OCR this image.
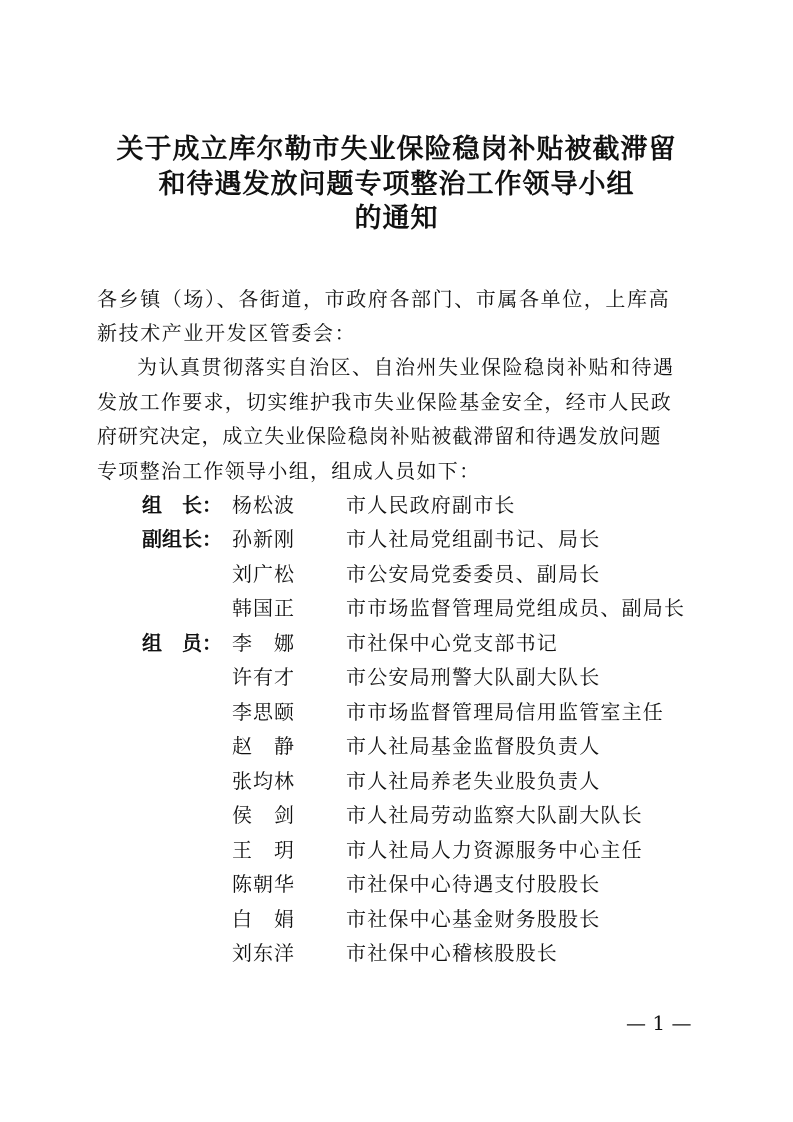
关于成立库尔勒市失业保险稳岗补贴被截滞留
和待遇发放问题专项整治工作领导小组
的通知
各乡镇（场）、各街道，市政府各部门、市属各单位，上库高
新技术产业开发区管委会：
为认真贯彻落实自治区、自治州失业保险稳岗补贴和待遇
发放工作要求，切实维护我市失业保险基金安全，经市人民政
府研究决定，成立失业保险稳岗补贴被截滞留和待遇发放问题
专项整治工作领导小组，组成人员如下：
组　长： 杨松波	市人民政府副市长
副组长： 孙新刚	市人社局党组副书记、局长
刘广松	市公安局党委委员、副局长
韩国正	市市场监督管理局党组成员、副局长
组　员： 李　娜	市社保中心党支部书记
许有才	市公安局刑警大队副大队长
李思颐	市市场监督管理局信用监管室主任
赵　静	市人社局基金监督股负责人
张均林	市人社局养老失业股负责人
侯　剑	市人社局劳动监察大队副大队长
王　玥	市人社局人力资源服务中心主任
陈朝华	市社保中心待遇支付股股长
白　娟	市社保中心基金财务股股长
刘东洋	市社保中心稽核股股长
— 1 —
